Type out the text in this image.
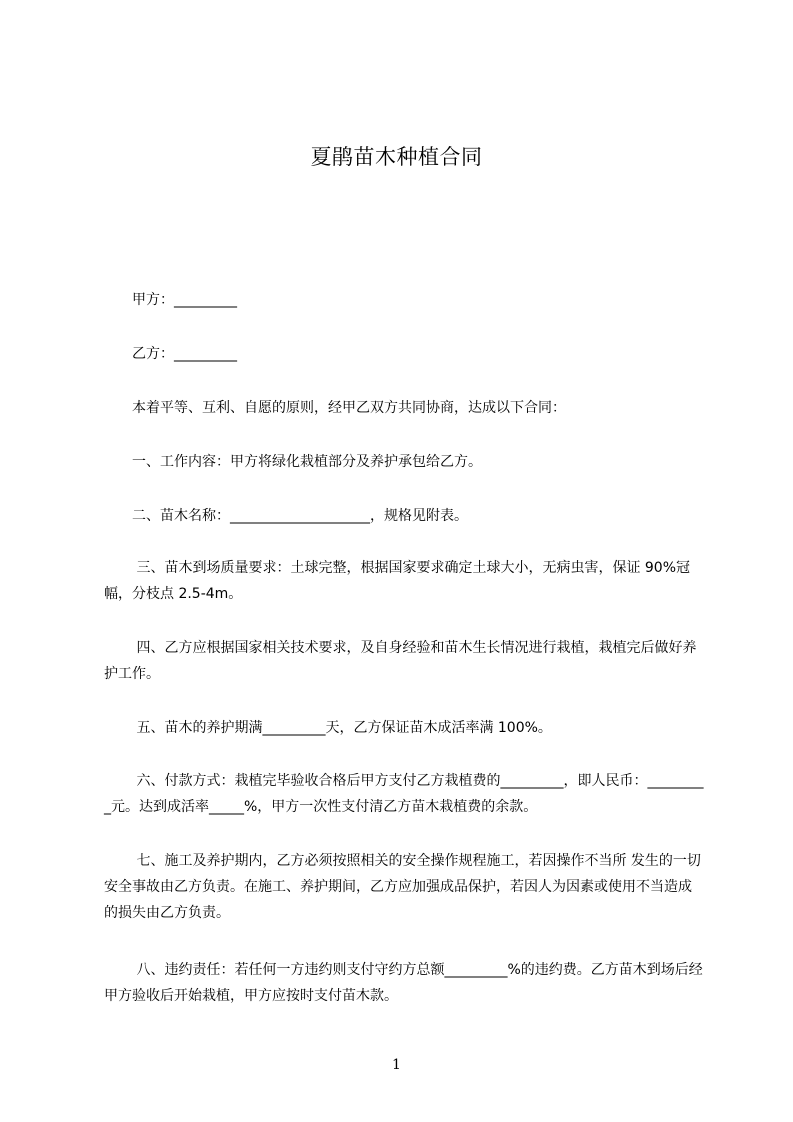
夏鹃苗木种植合同
　　甲方：_________
　　乙方：_________
　　本着平等、互利、自愿的原则，经甲乙双方共同协商，达成以下合同：
　　一、工作内容：甲方将绿化栽植部分及养护承包给乙方。
　　二、苗木名称：____________________，规格见附表。
　　 三、苗木到场质量要求：土球完整，根据国家要求确定土球大小，无病虫害，保证 90%冠幅，分枝点 2.5-4m。
　　 四、乙方应根据国家相关技术要求，及自身经验和苗木生长情况进行栽植，栽植完后做好养护工作。
　　 五、苗木的养护期满_________天，乙方保证苗木成活率满 100%。
　　 六、付款方式：栽植完毕验收合格后甲方支付乙方栽植费的_________，即人民币：_________元。达到成活率_____%，甲方一次性支付清乙方苗木栽植费的余款。
　　 七、施工及养护期内，乙方必须按照相关的安全操作规程施工，若因操作不当所 发生的一切安全事故由乙方负责。在施工、养护期间，乙方应加强成品保护，若因人为因素或使用不当造成的损失由乙方负责。
　　 八、违约责任：若任何一方违约则支付守约方总额_________%的违约费。乙方苗木到场后经甲方验收后开始栽植，甲方应按时支付苗木款。
1
